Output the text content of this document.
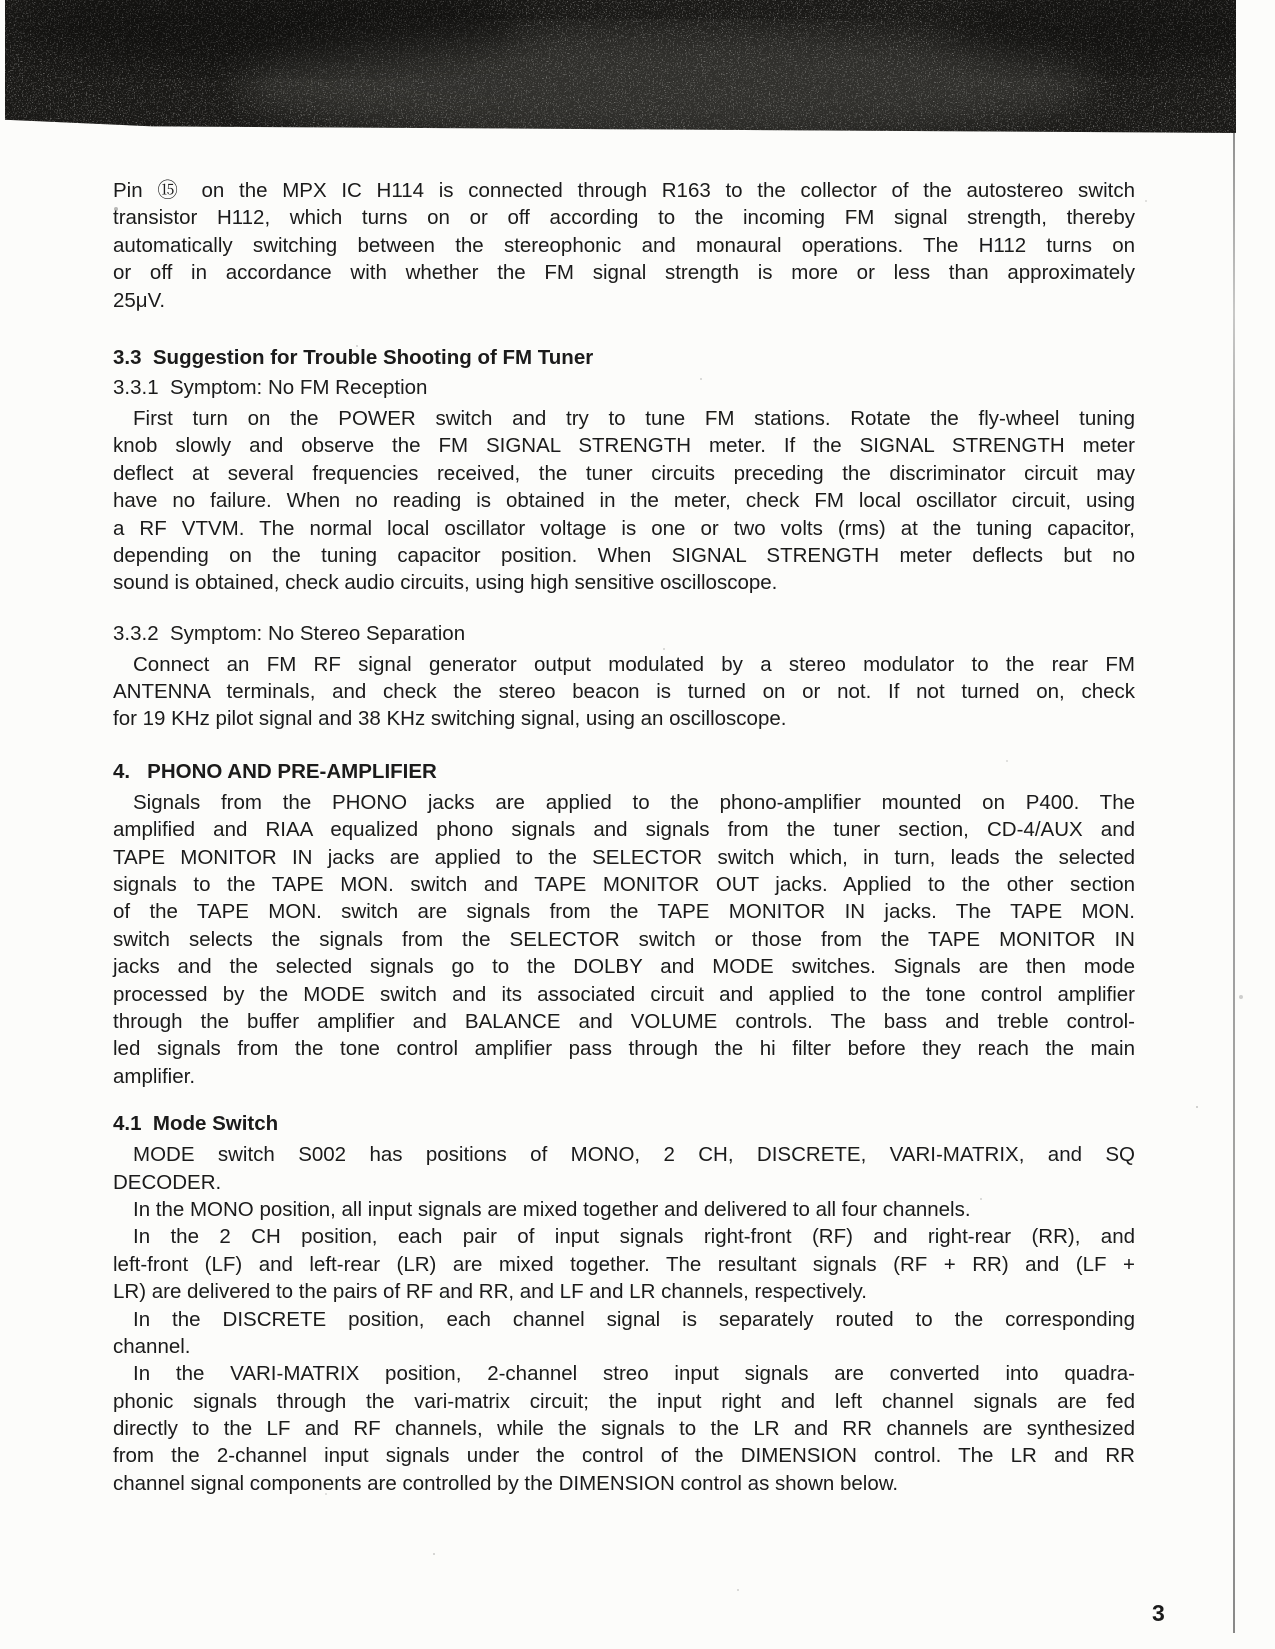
Pin ⑮ on the MPX IC H114 is connected through R163 to the collector of the autostereo switch
transistor H112, which turns on or off according to the incoming FM signal strength, thereby
automatically switching between the stereophonic and monaural operations. The H112 turns on
or off in accordance with whether the FM signal strength is more or less than approximately
25μV.
3.3  Suggestion for Trouble Shooting of FM Tuner
3.3.1  Symptom: No FM Reception
First turn on the POWER switch and try to tune FM stations. Rotate the fly-wheel tuning
knob slowly and observe the FM SIGNAL STRENGTH meter. If the SIGNAL STRENGTH meter
deflect at several frequencies received, the tuner circuits preceding the discriminator circuit may
have no failure. When no reading is obtained in the meter, check FM local oscillator circuit, using
a RF VTVM. The normal local oscillator voltage is one or two volts (rms) at the tuning capacitor,
depending on the tuning capacitor position. When SIGNAL STRENGTH meter deflects but no
sound is obtained, check audio circuits, using high sensitive oscilloscope.
3.3.2  Symptom: No Stereo Separation
Connect an FM RF signal generator output modulated by a stereo modulator to the rear FM
ANTENNA terminals, and check the stereo beacon is turned on or not. If not turned on, check
for 19 KHz pilot signal and 38 KHz switching signal, using an oscilloscope.
4.   PHONO AND PRE-AMPLIFIER
Signals from the PHONO jacks are applied to the phono-amplifier mounted on P400. The
amplified and RIAA equalized phono signals and signals from the tuner section, CD-4/AUX and
TAPE MONITOR IN jacks are applied to the SELECTOR switch which, in turn, leads the selected
signals to the TAPE MON. switch and TAPE MONITOR OUT jacks. Applied to the other section
of the TAPE MON. switch are signals from the TAPE MONITOR IN jacks. The TAPE MON.
switch selects the signals from the SELECTOR switch or those from the TAPE MONITOR IN
jacks and the selected signals go to the DOLBY and MODE switches. Signals are then mode
processed by the MODE switch and its associated circuit and applied to the tone control amplifier
through the buffer amplifier and BALANCE and VOLUME controls. The bass and treble control-
led signals from the tone control amplifier pass through the hi filter before they reach the main
amplifier.
4.1  Mode Switch
MODE switch S002 has positions of MONO, 2 CH, DISCRETE, VARI-MATRIX, and SQ
DECODER.
In the MONO position, all input signals are mixed together and delivered to all four channels.
In the 2 CH position, each pair of input signals right-front (RF) and right-rear (RR), and
left-front (LF) and left-rear (LR) are mixed together. The resultant signals (RF + RR) and (LF +
LR) are delivered to the pairs of RF and RR, and LF and LR channels, respectively.
In the DISCRETE position, each channel signal is separately routed to the corresponding
channel.
In the VARI-MATRIX position, 2-channel streo input signals are converted into quadra-
phonic signals through the vari-matrix circuit; the input right and left channel signals are fed
directly to the LF and RF channels, while the signals to the LR and RR channels are synthesized
from the 2-channel input signals under the control of the DIMENSION control. The LR and RR
channel signal components are controlled by the DIMENSION control as shown below.
3
